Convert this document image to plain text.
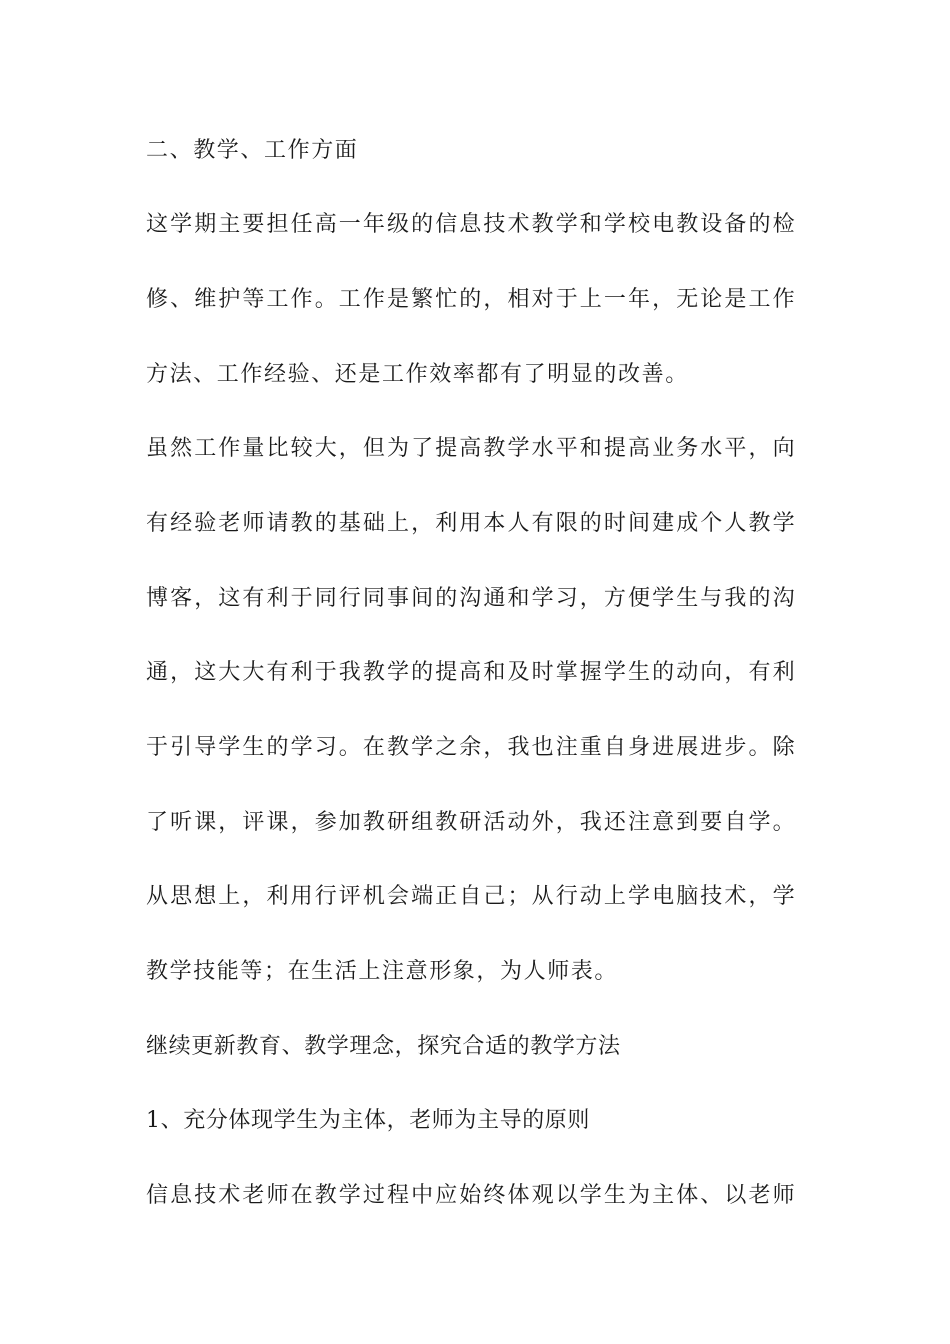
二、教学、工作方面
这学期主要担任高一年级的信息技术教学和学校电教设备的检
修、维护等工作。工作是繁忙的，相对于上一年，无论是工作
方法、工作经验、还是工作效率都有了明显的改善。
虽然工作量比较大，但为了提高教学水平和提高业务水平，向
有经验老师请教的基础上，利用本人有限的时间建成个人教学
博客，这有利于同行同事间的沟通和学习，方便学生与我的沟
通，这大大有利于我教学的提高和及时掌握学生的动向，有利
于引导学生的学习。在教学之余，我也注重自身进展进步。除
了听课，评课，参加教研组教研活动外，我还注意到要自学。
从思想上，利用行评机会端正自己；从行动上学电脑技术，学
教学技能等；在生活上注意形象，为人师表。
继续更新教育、教学理念，探究合适的教学方法
1、充分体现学生为主体，老师为主导的原则
信息技术老师在教学过程中应始终体观以学生为主体、以老师
